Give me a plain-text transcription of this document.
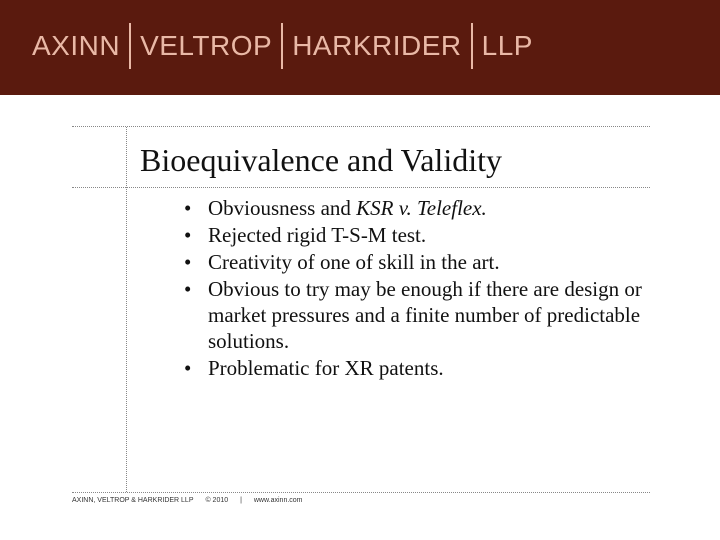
AXINN VELTROP HARKRIDER LLP
Bioequivalence and Validity
• Obviousness and KSR v. Teleflex.
• Rejected rigid T-S-M test.
• Creativity of one of skill in the art.
• Obvious to try may be enough if there are design or market pressures and a finite number of predictable solutions.
• Problematic for XR patents.
AXINN, VELTROP & HARKRIDER LLP © 2010 | www.axinn.com
